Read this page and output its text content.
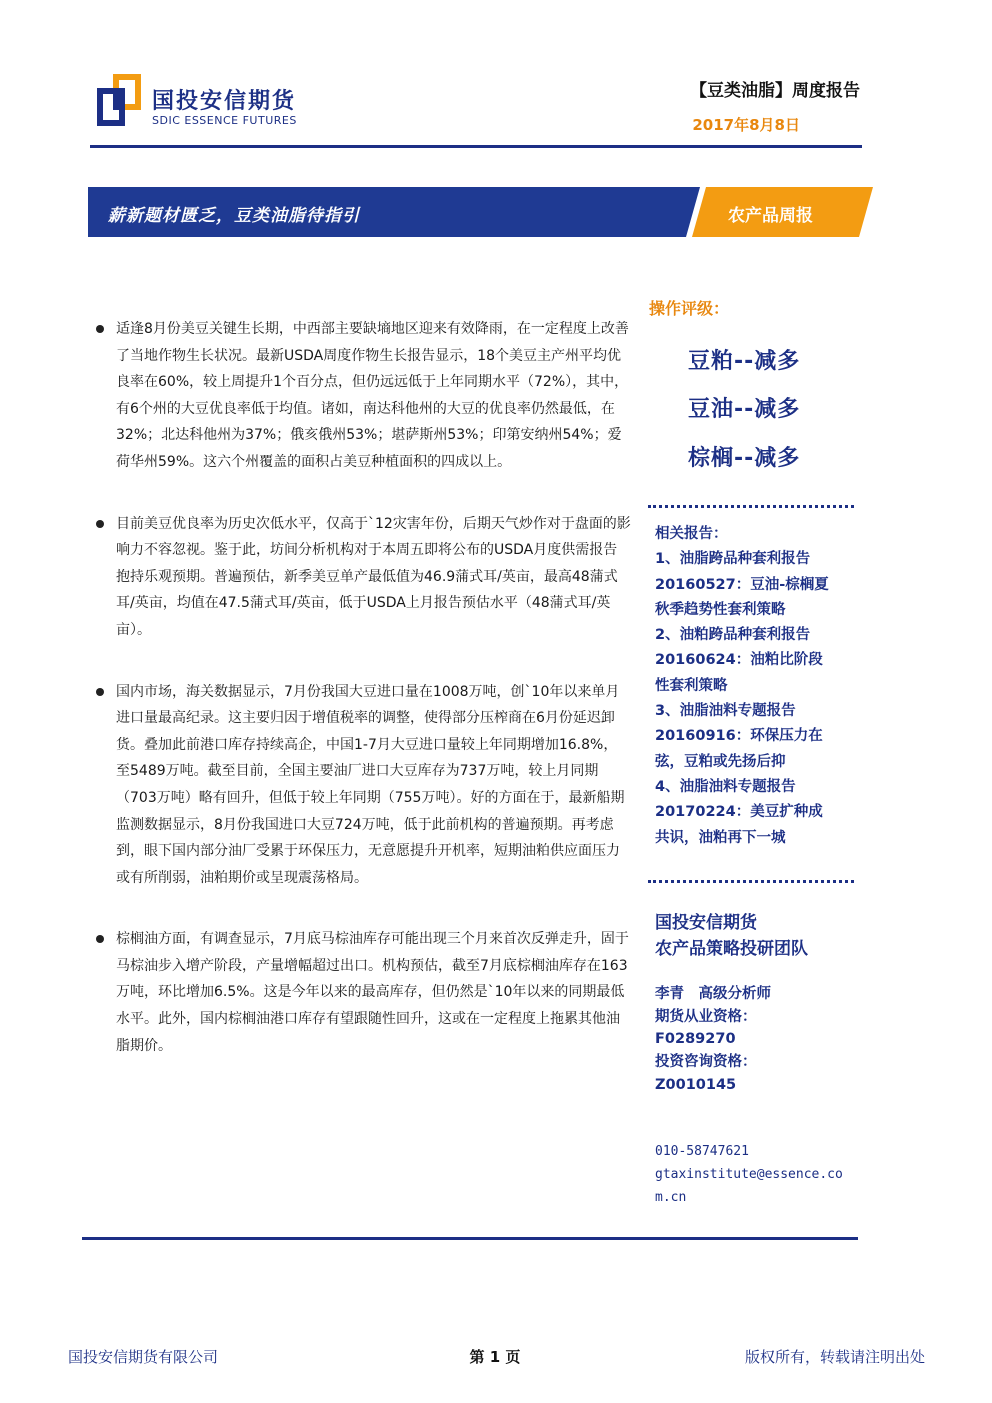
国投安信期货
SDIC ESSENCE FUTURES
【豆类油脂】周度报告
2017年8月8日
薪新题材匮乏，豆类油脂待指引	农产品周报

适逢8月份美豆关键生长期，中西部主要缺墒地区迎来有效降雨，在一定程度上改善了当地作物生长状况。最新USDA周度作物生长报告显示，18个美豆主产州平均优良率在60%，较上周提升1个百分点，但仍远远低于上年同期水平（72%），其中，有6个州的大豆优良率低于均值。诸如，南达科他州的大豆的优良率仍然最低，在32%；北达科他州为37%；俄亥俄州53%；堪萨斯州53%；印第安纳州54%；爱荷华州59%。这六个州覆盖的面积占美豆种植面积的四成以上。

目前美豆优良率为历史次低水平，仅高于`12灾害年份，后期天气炒作对于盘面的影响力不容忽视。鉴于此，坊间分析机构对于本周五即将公布的USDA月度供需报告抱持乐观预期。普遍预估，新季美豆单产最低值为46.9蒲式耳/英亩，最高48蒲式耳/英亩，均值在47.5蒲式耳/英亩，低于USDA上月报告预估水平（48蒲式耳/英亩）。

国内市场，海关数据显示，7月份我国大豆进口量在1008万吨，创`10年以来单月进口量最高纪录。这主要归因于增值税率的调整，使得部分压榨商在6月份延迟卸货。叠加此前港口库存持续高企，中国1-7月大豆进口量较上年同期增加16.8%，至5489万吨。截至目前，全国主要油厂进口大豆库存为737万吨，较上月同期（703万吨）略有回升，但低于较上年同期（755万吨）。好的方面在于，最新船期监测数据显示，8月份我国进口大豆724万吨，低于此前机构的普遍预期。再考虑到，眼下国内部分油厂受累于环保压力，无意愿提升开机率，短期油粕供应面压力或有所削弱，油粕期价或呈现震荡格局。

棕榈油方面，有调查显示，7月底马棕油库存可能出现三个月来首次反弹走升，固于马棕油步入增产阶段，产量增幅超过出口。机构预估，截至7月底棕榈油库存在163万吨，环比增加6.5%。这是今年以来的最高库存，但仍然是`10年以来的同期最低水平。此外，国内棕榈油港口库存有望跟随性回升，这或在一定程度上拖累其他油脂期价。

操作评级：
豆粕--减多
豆油--减多
棕榈--减多
相关报告：
1、油脂跨品种套利报告
20160527：豆油-棕榈夏
秋季趋势性套利策略
2、油粕跨品种套利报告
20160624：油粕比阶段
性套利策略
3、油脂油料专题报告
20160916：环保压力在
弦，豆粕或先扬后抑
4、油脂油料专题报告
20170224：美豆扩种成
共识，油粕再下一城
国投安信期货
农产品策略投研团队
李青　高级分析师
期货从业资格：
F0289270
投资咨询资格：
Z0010145
010-58747621
gtaxinstitute@essence.com.cn
国投安信期货有限公司	第 1 页	版权所有，转载请注明出处
